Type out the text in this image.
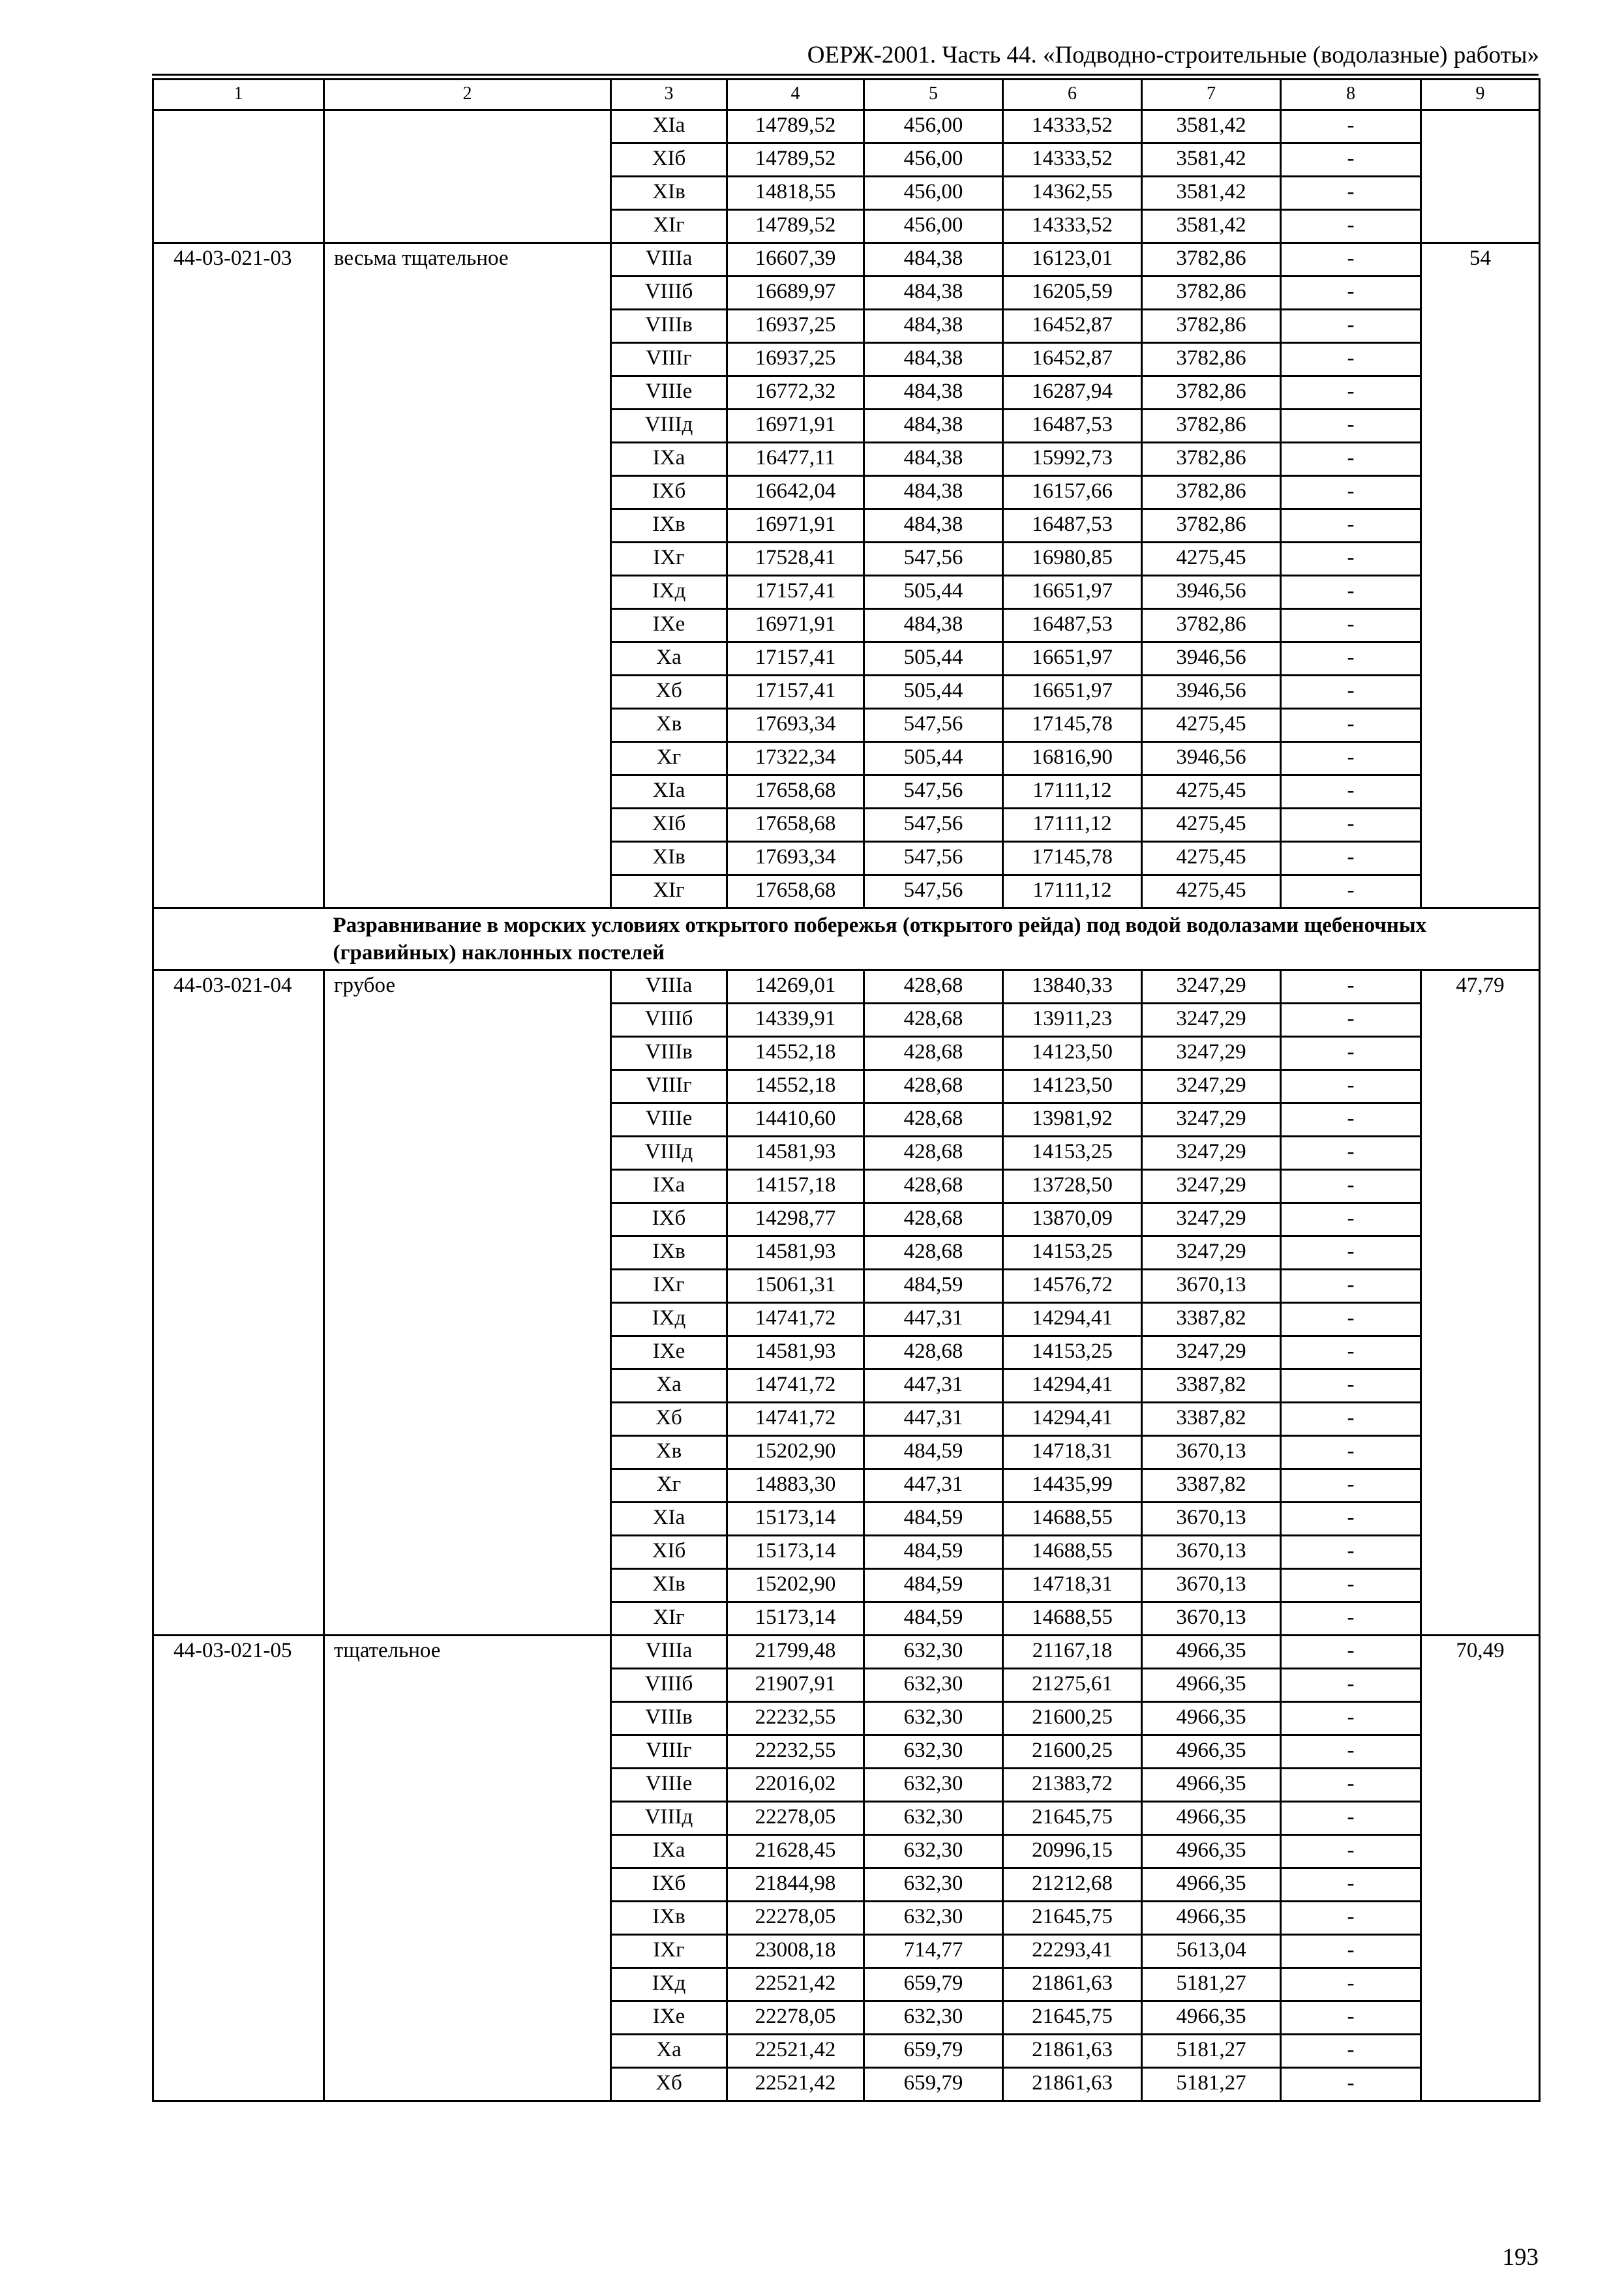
ОЕРЖ-2001. Часть 44. «Подводно-строительные (водолазные) работы»
1	2	3	4	5	6	7	8	9
		XIа	14789,52	456,00	14333,52	3581,42	-	
		XIб	14789,52	456,00	14333,52	3581,42	-	
		XIв	14818,55	456,00	14362,55	3581,42	-	
		XIг	14789,52	456,00	14333,52	3581,42	-	
44-03-021-03	весьма тщательное	VIIIа	16607,39	484,38	16123,01	3782,86	-	54
		VIIIб	16689,97	484,38	16205,59	3782,86	-	
		VIIIв	16937,25	484,38	16452,87	3782,86	-	
		VIIIг	16937,25	484,38	16452,87	3782,86	-	
		VIIIе	16772,32	484,38	16287,94	3782,86	-	
		VIIIд	16971,91	484,38	16487,53	3782,86	-	
		IXа	16477,11	484,38	15992,73	3782,86	-	
		IXб	16642,04	484,38	16157,66	3782,86	-	
		IXв	16971,91	484,38	16487,53	3782,86	-	
		IXг	17528,41	547,56	16980,85	4275,45	-	
		IXд	17157,41	505,44	16651,97	3946,56	-	
		IXе	16971,91	484,38	16487,53	3782,86	-	
		Xа	17157,41	505,44	16651,97	3946,56	-	
		Xб	17157,41	505,44	16651,97	3946,56	-	
		Xв	17693,34	547,56	17145,78	4275,45	-	
		Xг	17322,34	505,44	16816,90	3946,56	-	
		XIа	17658,68	547,56	17111,12	4275,45	-	
		XIб	17658,68	547,56	17111,12	4275,45	-	
		XIв	17693,34	547,56	17145,78	4275,45	-	
		XIг	17658,68	547,56	17111,12	4275,45	-	
	Разравнивание в морских условиях открытого побережья (открытого рейда) под водой водолазами щебеночных (гравийных) наклонных постелей							
44-03-021-04	грубое	VIIIа	14269,01	428,68	13840,33	3247,29	-	47,79
		VIIIб	14339,91	428,68	13911,23	3247,29	-	
		VIIIв	14552,18	428,68	14123,50	3247,29	-	
		VIIIг	14552,18	428,68	14123,50	3247,29	-	
		VIIIе	14410,60	428,68	13981,92	3247,29	-	
		VIIIд	14581,93	428,68	14153,25	3247,29	-	
		IXа	14157,18	428,68	13728,50	3247,29	-	
		IXб	14298,77	428,68	13870,09	3247,29	-	
		IXв	14581,93	428,68	14153,25	3247,29	-	
		IXг	15061,31	484,59	14576,72	3670,13	-	
		IXд	14741,72	447,31	14294,41	3387,82	-	
		IXе	14581,93	428,68	14153,25	3247,29	-	
		Xа	14741,72	447,31	14294,41	3387,82	-	
		Xб	14741,72	447,31	14294,41	3387,82	-	
		Xв	15202,90	484,59	14718,31	3670,13	-	
		Xг	14883,30	447,31	14435,99	3387,82	-	
		XIа	15173,14	484,59	14688,55	3670,13	-	
		XIб	15173,14	484,59	14688,55	3670,13	-	
		XIв	15202,90	484,59	14718,31	3670,13	-	
		XIг	15173,14	484,59	14688,55	3670,13	-	
44-03-021-05	тщательное	VIIIа	21799,48	632,30	21167,18	4966,35	-	70,49
		VIIIб	21907,91	632,30	21275,61	4966,35	-	
		VIIIв	22232,55	632,30	21600,25	4966,35	-	
		VIIIг	22232,55	632,30	21600,25	4966,35	-	
		VIIIе	22016,02	632,30	21383,72	4966,35	-	
		VIIIд	22278,05	632,30	21645,75	4966,35	-	
		IXа	21628,45	632,30	20996,15	4966,35	-	
		IXб	21844,98	632,30	21212,68	4966,35	-	
		IXв	22278,05	632,30	21645,75	4966,35	-	
		IXг	23008,18	714,77	22293,41	5613,04	-	
		IXд	22521,42	659,79	21861,63	5181,27	-	
		IXе	22278,05	632,30	21645,75	4966,35	-	
		Xа	22521,42	659,79	21861,63	5181,27	-	
		Xб	22521,42	659,79	21861,63	5181,27	-	
193
